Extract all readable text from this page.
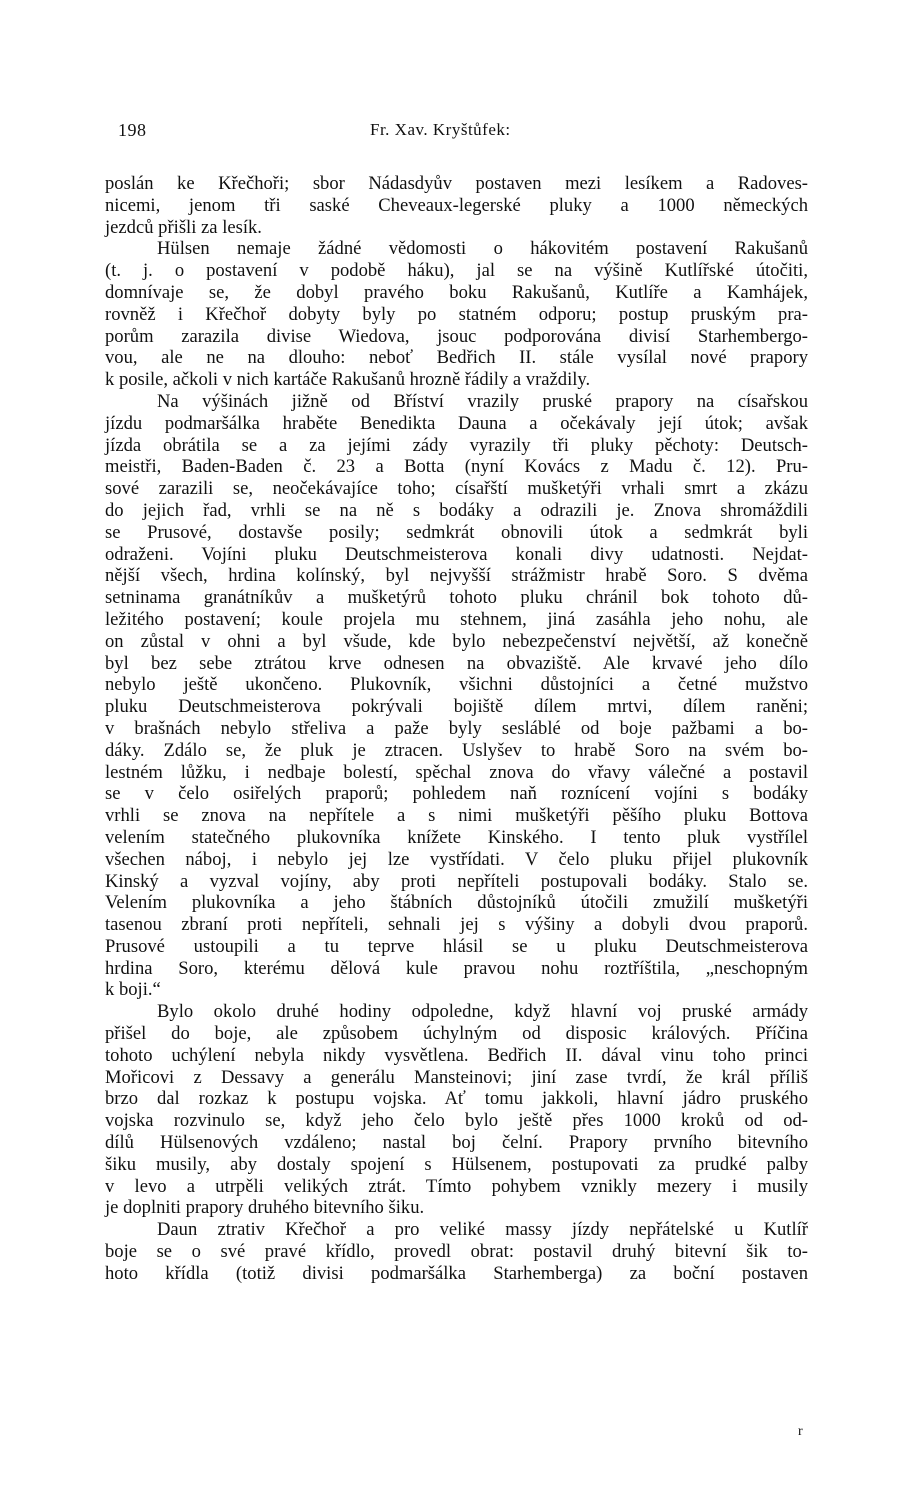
198	Fr. Xav. Kryštůfek:
poslán ke Křečhoři; sbor Nádasdyův postaven mezi lesíkem a Radoves-
nicemi, jenom tři saské Cheveaux-legerské pluky a 1000 německých
jezdců přišli za lesík.
Hülsen nemaje žádné vědomosti o hákovitém postavení Rakušanů
(t. j. o postavení v podobě háku), jal se na výšině Kutlířské útočiti,
domnívaje se, že dobyl pravého boku Rakušanů, Kutlíře a Kamhájek,
rovněž i Křečhoř dobyty byly po statném odporu; postup pruským pra-
porům zarazila divise Wiedova, jsouc podporována divisí Starhembergo-
vou, ale ne na dlouho: neboť Bedřich II. stále vysílal nové prapory
k posile, ačkoli v nich kartáče Rakušanů hrozně řádily a vraždily.
Na výšinách jižně od Bříství vrazily pruské prapory na císařskou
jízdu podmaršálka hraběte Benedikta Dauna a očekávaly její útok; avšak
jízda obrátila se a za jejími zády vyrazily tři pluky pěchoty: Deutsch-
meistři, Baden-Baden č. 23 a Botta (nyní Kovács z Madu č. 12). Pru-
sové zarazili se, neočekávajíce toho; císařští mušketýři vrhali smrt a zkázu
do jejich řad, vrhli se na ně s bodáky a odrazili je. Znova shromáždili
se Prusové, dostavše posily; sedmkrát obnovili útok a sedmkrát byli
odraženi. Vojíni pluku Deutschmeisterova konali divy udatnosti. Nejdat-
nější všech, hrdina kolínský, byl nejvyšší strážmistr hrabě Soro. S dvěma
setninama granátníkův a mušketýrů tohoto pluku chránil bok tohoto dů-
ležitého postavení; koule projela mu stehnem, jiná zasáhla jeho nohu, ale
on zůstal v ohni a byl všude, kde bylo nebezpečenství největší, až konečně
byl bez sebe ztrátou krve odnesen na obvaziště. Ale krvavé jeho dílo
nebylo ještě ukončeno. Plukovník, všichni důstojníci a četné mužstvo
pluku Deutschmeisterova pokrývali bojiště dílem mrtvi, dílem raněni;
v brašnách nebylo střeliva a paže byly sesláblé od boje pažbami a bo-
dáky. Zdálo se, že pluk je ztracen. Uslyšev to hrabě Soro na svém bo-
lestném lůžku, i nedbaje bolestí, spěchal znova do vřavy válečné a postavil
se v čelo osiřelých praporů; pohledem naň roznícení vojíni s bodáky
vrhli se znova na nepřítele a s nimi mušketýři pěšího pluku Bottova
velením statečného plukovníka knížete Kinského. I tento pluk vystřílel
všechen náboj, i nebylo jej lze vystřídati. V čelo pluku přijel plukovník
Kinský a vyzval vojíny, aby proti nepříteli postupovali bodáky. Stalo se.
Velením plukovníka a jeho štábních důstojníků útočili zmužilí mušketýři
tasenou zbraní proti nepříteli, sehnali jej s výšiny a dobyli dvou praporů.
Prusové ustoupili a tu teprve hlásil se u pluku Deutschmeisterova
hrdina Soro, kterému dělová kule pravou nohu roztříštila, „neschopným
k boji.“
Bylo okolo druhé hodiny odpoledne, když hlavní voj pruské armády
přišel do boje, ale způsobem úchylným od disposic králových. Příčina
tohoto uchýlení nebyla nikdy vysvětlena. Bedřich II. dával vinu toho princi
Mořicovi z Dessavy a generálu Mansteinovi; jiní zase tvrdí, že král příliš
brzo dal rozkaz k postupu vojska. Ať tomu jakkoli, hlavní jádro pruského
vojska rozvinulo se, když jeho čelo bylo ještě přes 1000 kroků od od-
dílů Hülsenových vzdáleno; nastal boj čelní. Prapory prvního bitevního
šiku musily, aby dostaly spojení s Hülsenem, postupovati za prudké palby
v levo a utrpěli velikých ztrát. Tímto pohybem vznikly mezery i musily
je doplniti prapory druhého bitevního šiku.
Daun ztrativ Křečhoř a pro veliké massy jízdy nepřátelské u Kutlíř
boje se o své pravé křídlo, provedl obrat: postavil druhý bitevní šik to-
hoto křídla (totiž divisi podmaršálka Starhemberga) za boční postaven
r
